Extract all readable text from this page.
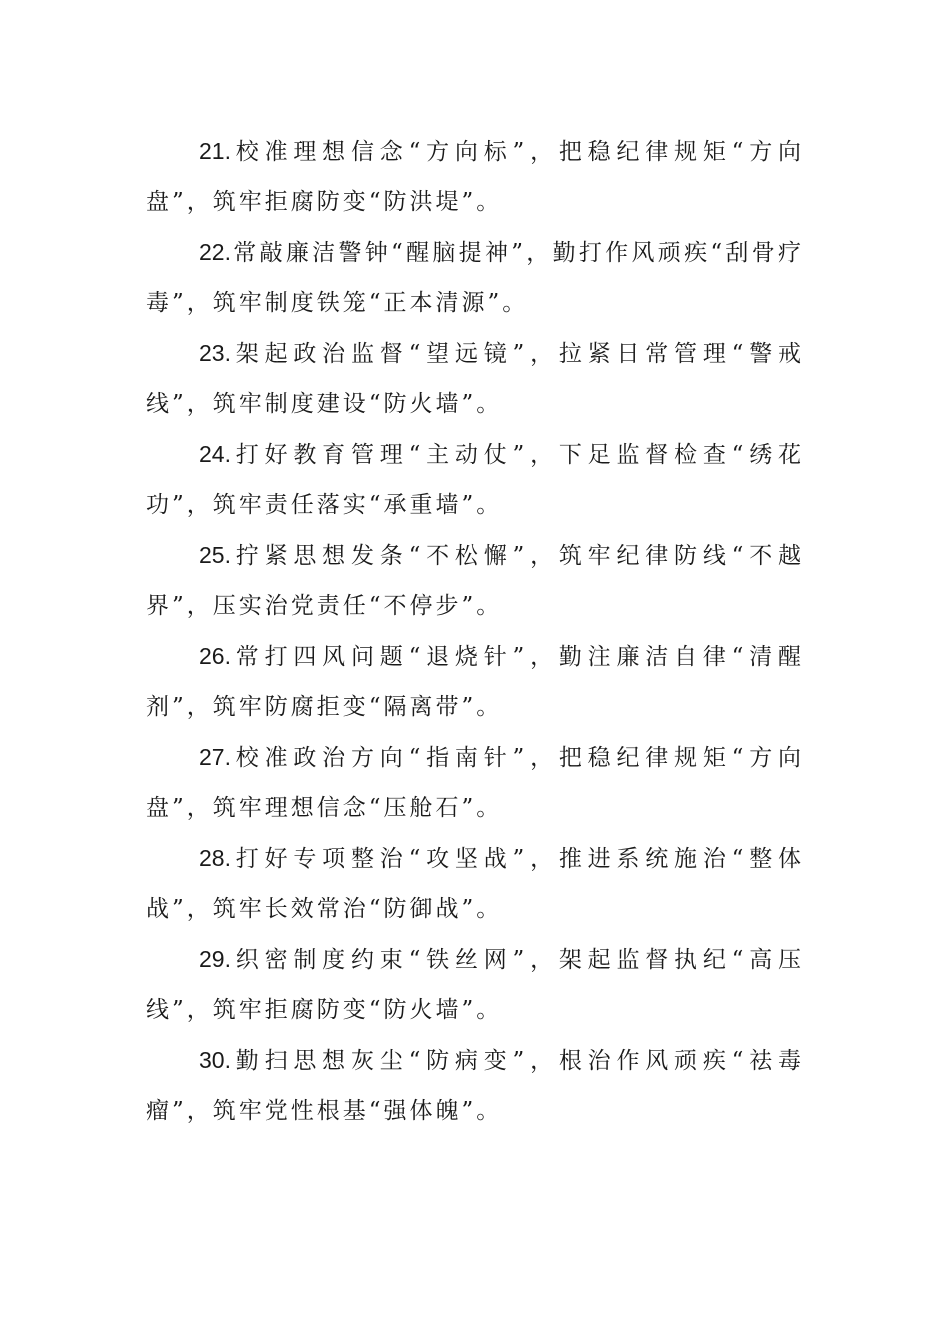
21.校准理想信念“方向标”，把稳纪律规矩“方向盘”，筑牢拒腐防变“防洪堤”。

22.常敲廉洁警钟“醒脑提神”，勤打作风顽疾“刮骨疗毒”，筑牢制度铁笼“正本清源”。

23.架起政治监督“望远镜”，拉紧日常管理“警戒线”，筑牢制度建设“防火墙”。

24.打好教育管理“主动仗”，下足监督检查“绣花功”，筑牢责任落实“承重墙”。

25.拧紧思想发条“不松懈”，筑牢纪律防线“不越界”，压实治党责任“不停步”。

26.常打四风问题“退烧针”，勤注廉洁自律“清醒剂”，筑牢防腐拒变“隔离带”。

27.校准政治方向“指南针”，把稳纪律规矩“方向盘”，筑牢理想信念“压舱石”。

28.打好专项整治“攻坚战”，推进系统施治“整体战”，筑牢长效常治“防御战”。

29.织密制度约束“铁丝网”，架起监督执纪“高压线”，筑牢拒腐防变“防火墙”。

30.勤扫思想灰尘“防病变”，根治作风顽疾“祛毒瘤”，筑牢党性根基“强体魄”。
